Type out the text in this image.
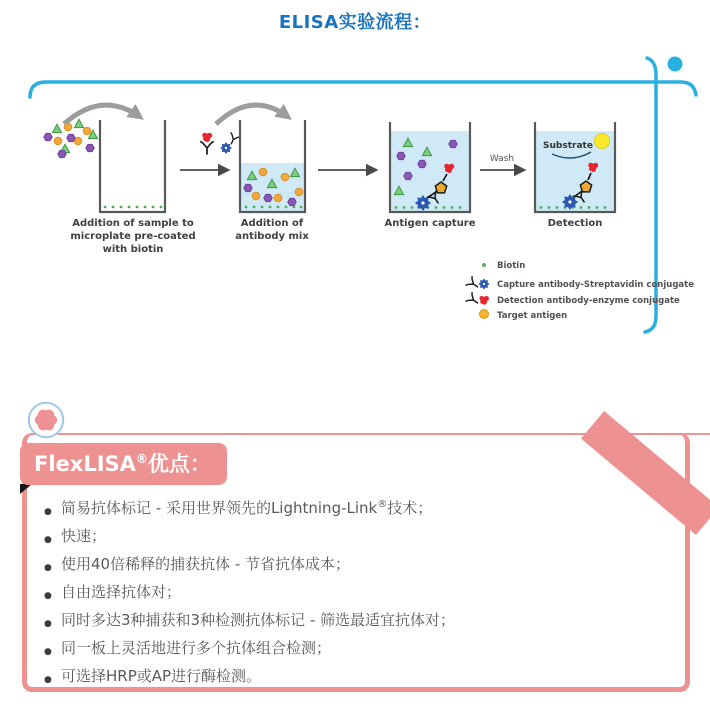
ELISA实验流程：
Addition of sample to
microplate pre-coated
with biotin
Addition of
antibody mix
Antigen capture
Wash
Substrate
Detection
Biotin
Capture antibody-Streptavidin conjugate
Detection antibody-enzyme conjugate
Target antigen
FlexLISA®优点：
● 简易抗体标记 - 采用世界领先的Lightning-Link®技术；
● 快速；
● 使用40倍稀释的捕获抗体 - 节省抗体成本；
● 自由选择抗体对；
● 同时多达3种捕获和3种检测抗体标记 - 筛选最适宜抗体对；
● 同一板上灵活地进行多个抗体组合检测；
● 可选择HRP或AP进行酶检测。
